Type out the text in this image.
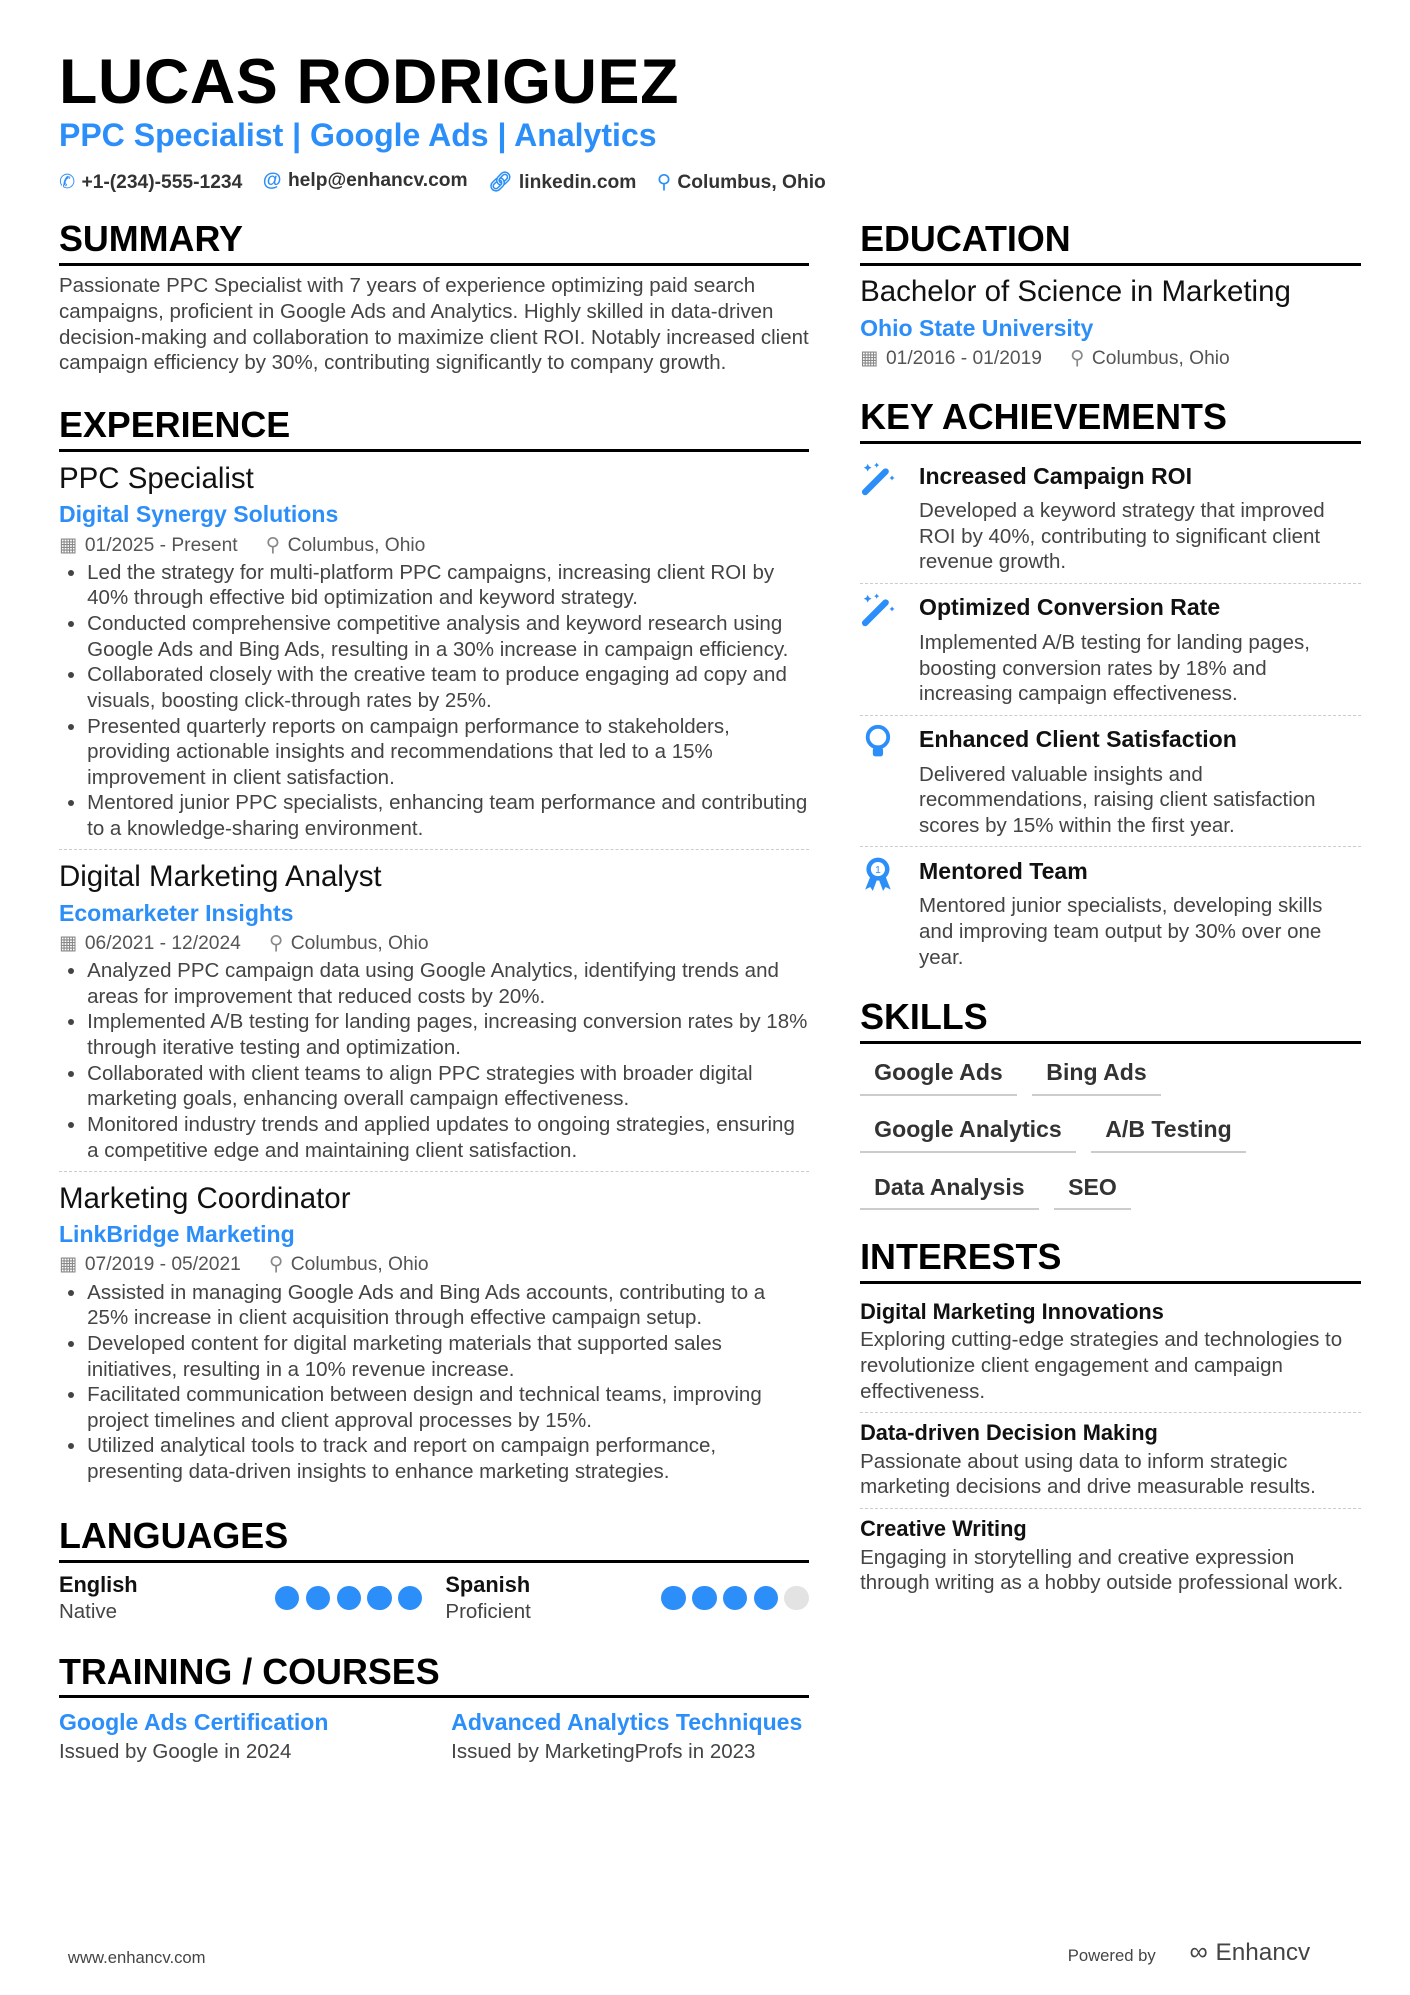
LUCAS RODRIGUEZ
PPC Specialist | Google Ads | Analytics
✆ +1-(234)-555-1234 @ help@enhancv.com 🔗︎ linkedin.com ⚲ Columbus, Ohio
SUMMARY
Passionate PPC Specialist with 7 years of experience optimizing paid search campaigns, proficient in Google Ads and Analytics. Highly skilled in data-driven decision-making and collaboration to maximize client ROI. Notably increased client campaign efficiency by 30%, contributing significantly to company growth.
EXPERIENCE
PPC Specialist
Digital Synergy Solutions
▦ 01/2025 - Present ⚲ Columbus, Ohio
• Led the strategy for multi-platform PPC campaigns, increasing client ROI by 40% through effective bid optimization and keyword strategy.
• Conducted comprehensive competitive analysis and keyword research using Google Ads and Bing Ads, resulting in a 30% increase in campaign efficiency.
• Collaborated closely with the creative team to produce engaging ad copy and visuals, boosting click-through rates by 25%.
• Presented quarterly reports on campaign performance to stakeholders, providing actionable insights and recommendations that led to a 15% improvement in client satisfaction.
• Mentored junior PPC specialists, enhancing team performance and contributing to a knowledge-sharing environment.
Digital Marketing Analyst
Ecomarketer Insights
▦ 06/2021 - 12/2024 ⚲ Columbus, Ohio
• Analyzed PPC campaign data using Google Analytics, identifying trends and areas for improvement that reduced costs by 20%.
• Implemented A/B testing for landing pages, increasing conversion rates by 18% through iterative testing and optimization.
• Collaborated with client teams to align PPC strategies with broader digital marketing goals, enhancing overall campaign effectiveness.
• Monitored industry trends and applied updates to ongoing strategies, ensuring a competitive edge and maintaining client satisfaction.
Marketing Coordinator
LinkBridge Marketing
▦ 07/2019 - 05/2021 ⚲ Columbus, Ohio
• Assisted in managing Google Ads and Bing Ads accounts, contributing to a 25% increase in client acquisition through effective campaign setup.
• Developed content for digital marketing materials that supported sales initiatives, resulting in a 10% revenue increase.
• Facilitated communication between design and technical teams, improving project timelines and client approval processes by 15%.
• Utilized analytical tools to track and report on campaign performance, presenting data-driven insights to enhance marketing strategies.
LANGUAGES
English
Native
Spanish
Proficient
TRAINING / COURSES
Google Ads Certification
Issued by Google in 2024
Advanced Analytics Techniques
Issued by MarketingProfs in 2023
EDUCATION
Bachelor of Science in Marketing
Ohio State University
▦ 01/2016 - 01/2019 ⚲ Columbus, Ohio
KEY ACHIEVEMENTS
Increased Campaign ROI
Developed a keyword strategy that improved ROI by 40%, contributing to significant client revenue growth.
Optimized Conversion Rate
Implemented A/B testing for landing pages, boosting conversion rates by 18% and increasing campaign effectiveness.
Enhanced Client Satisfaction
Delivered valuable insights and recommendations, raising client satisfaction scores by 15% within the first year.
1 Mentored Team
Mentored junior specialists, developing skills and improving team output by 30% over one year.
SKILLS
Google Ads	Bing Ads
Google Analytics	A/B Testing
Data Analysis	SEO
INTERESTS
Digital Marketing Innovations
Exploring cutting-edge strategies and technologies to revolutionize client engagement and campaign effectiveness.
Data-driven Decision Making
Passionate about using data to inform strategic marketing decisions and drive measurable results.
Creative Writing
Engaging in storytelling and creative expression through writing as a hobby outside professional work.
www.enhancv.com	Powered by ∞ Enhancv
